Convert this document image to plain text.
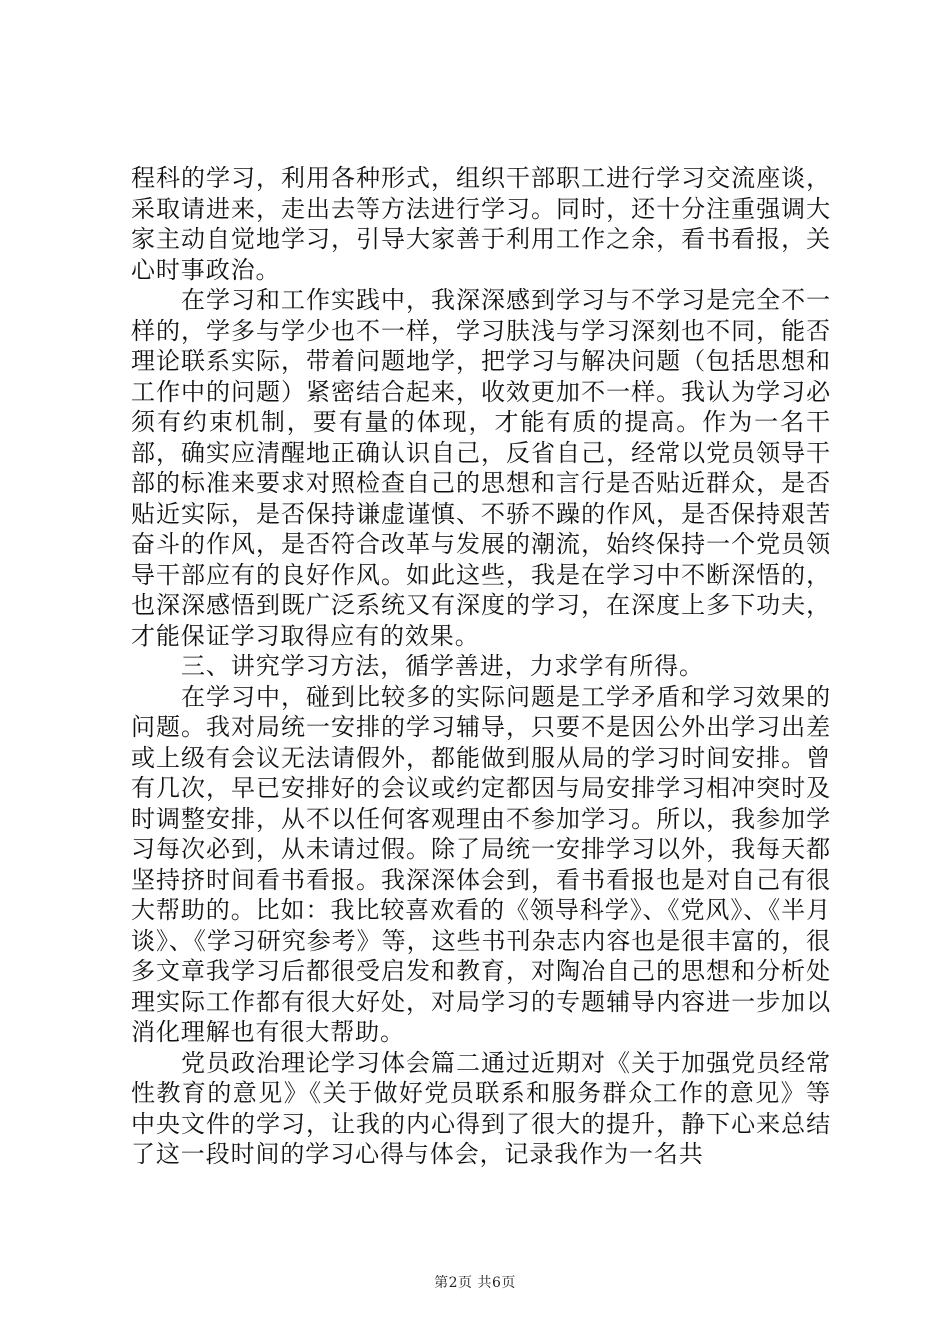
程科的学习，利用各种形式，组织干部职工进行学习交流座谈，采取请进来，走出去等方法进行学习。同时，还十分注重强调大家主动自觉地学习，引导大家善于利用工作之余，看书看报，关心时事政治。

在学习和工作实践中，我深深感到学习与不学习是完全不一样的，学多与学少也不一样，学习肤浅与学习深刻也不同，能否理论联系实际，带着问题地学，把学习与解决问题（包括思想和工作中的问题）紧密结合起来，收效更加不一样。我认为学习必须有约束机制，要有量的体现，才能有质的提高。作为一名干部，确实应清醒地正确认识自己，反省自己，经常以党员领导干部的标准来要求对照检查自己的思想和言行是否贴近群众，是否贴近实际，是否保持谦虚谨慎、不骄不躁的作风，是否保持艰苦奋斗的作风，是否符合改革与发展的潮流，始终保持一个党员领导干部应有的良好作风。如此这些，我是在学习中不断深悟的，也深深感悟到既广泛系统又有深度的学习，在深度上多下功夫，才能保证学习取得应有的效果。

三、讲究学习方法，循学善进，力求学有所得。

在学习中，碰到比较多的实际问题是工学矛盾和学习效果的问题。我对局统一安排的学习辅导，只要不是因公外出学习出差或上级有会议无法请假外，都能做到服从局的学习时间安排。曾有几次，早已安排好的会议或约定都因与局安排学习相冲突时及时调整安排，从不以任何客观理由不参加学习。所以，我参加学习每次必到，从未请过假。除了局统一安排学习以外，我每天都坚持挤时间看书看报。我深深体会到，看书看报也是对自己有很大帮助的。比如：我比较喜欢看的《领导科学》、《党风》、《半月谈》、《学习研究参考》等，这些书刊杂志内容也是很丰富的，很多文章我学习后都很受启发和教育，对陶冶自己的思想和分析处理实际工作都有很大好处，对局学习的专题辅导内容进一步加以消化理解也有很大帮助。

党员政治理论学习体会篇二通过近期对《关于加强党员经常性教育的意见》《关于做好党员联系和服务群众工作的意见》等中央文件的学习，让我的内心得到了很大的提升，静下心来总结了这一段时间的学习心得与体会，记录我作为一名共

第2页 共6页
